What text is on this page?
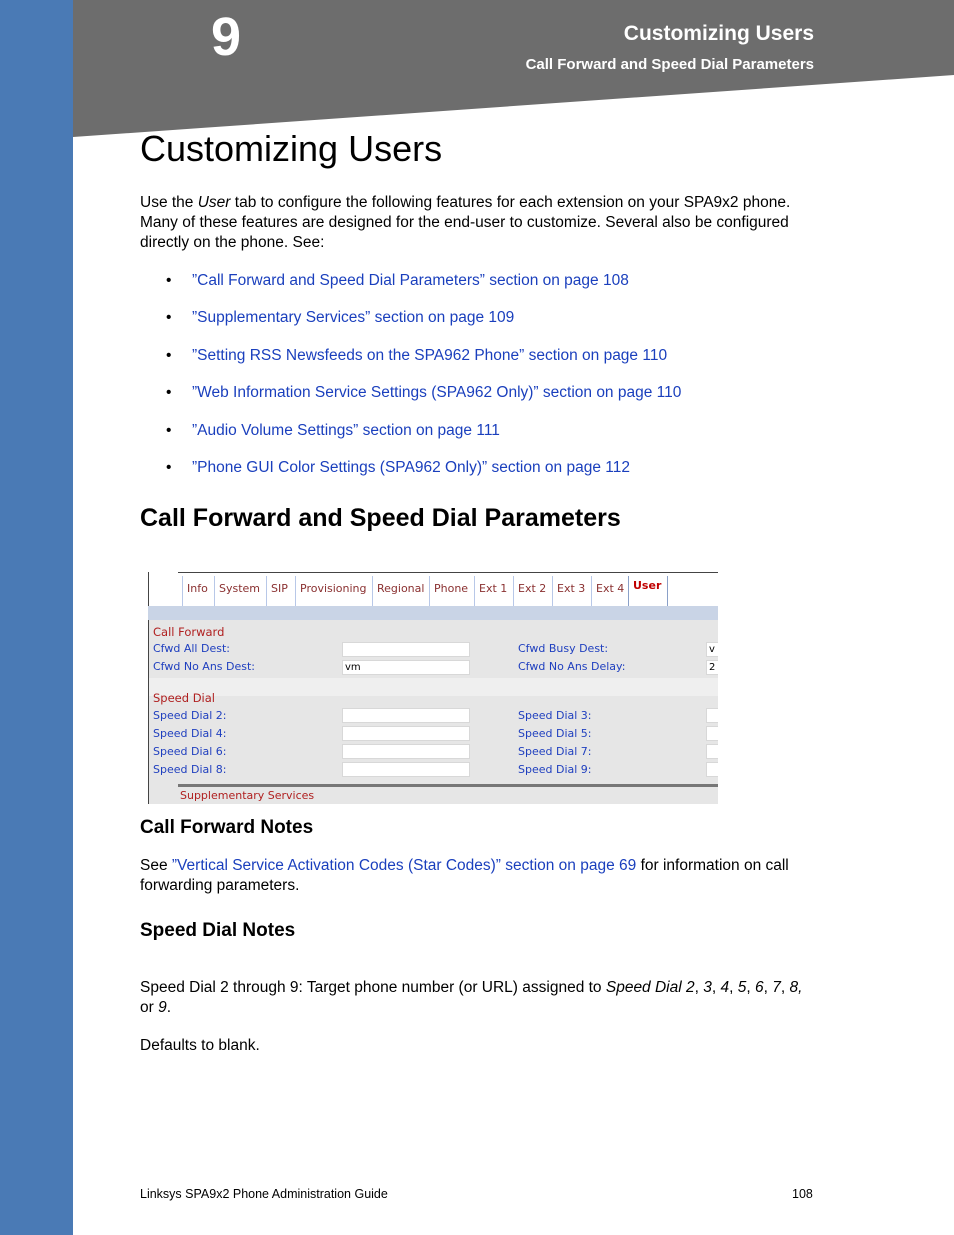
9	Customizing Users
Call Forward and Speed Dial Parameters
Customizing Users

Use the User tab to configure the following features for each extension on your SPA9x2 phone. Many of these features are designed for the end-user to customize. Several also be configured directly on the phone. See:

• ”Call Forward and Speed Dial Parameters” section on page 108
• ”Supplementary Services” section on page 109
• ”Setting RSS Newsfeeds on the SPA962 Phone” section on page 110
• ”Web Information Service Settings (SPA962 Only)” section on page 110
• ”Audio Volume Settings” section on page 111
• ”Phone GUI Color Settings (SPA962 Only)” section on page 112
Call Forward and Speed Dial Parameters
Info	System SIP	Provisioning Regional Phone Ext 1 Ext 2 Ext 3 Ext 4 User
Call Forward
Cfwd All Dest:	Cfwd Busy Dest:	v
Cfwd No Ans Dest:	vm	Cfwd No Ans Delay:	2
Speed Dial
Speed Dial 2:	Speed Dial 3:
Speed Dial 4:	Speed Dial 5:
Speed Dial 6:	Speed Dial 7:
Speed Dial 8:	Speed Dial 9:
Supplementary Services
Call Forward Notes

See ”Vertical Service Activation Codes (Star Codes)” section on page 69 for information on call forwarding parameters.

Speed Dial Notes

Speed Dial 2 through 9: Target phone number (or URL) assigned to Speed Dial 2, 3, 4, 5, 6, 7, 8, or 9.

Defaults to blank.

Linksys SPA9x2 Phone Administration Guide	108
